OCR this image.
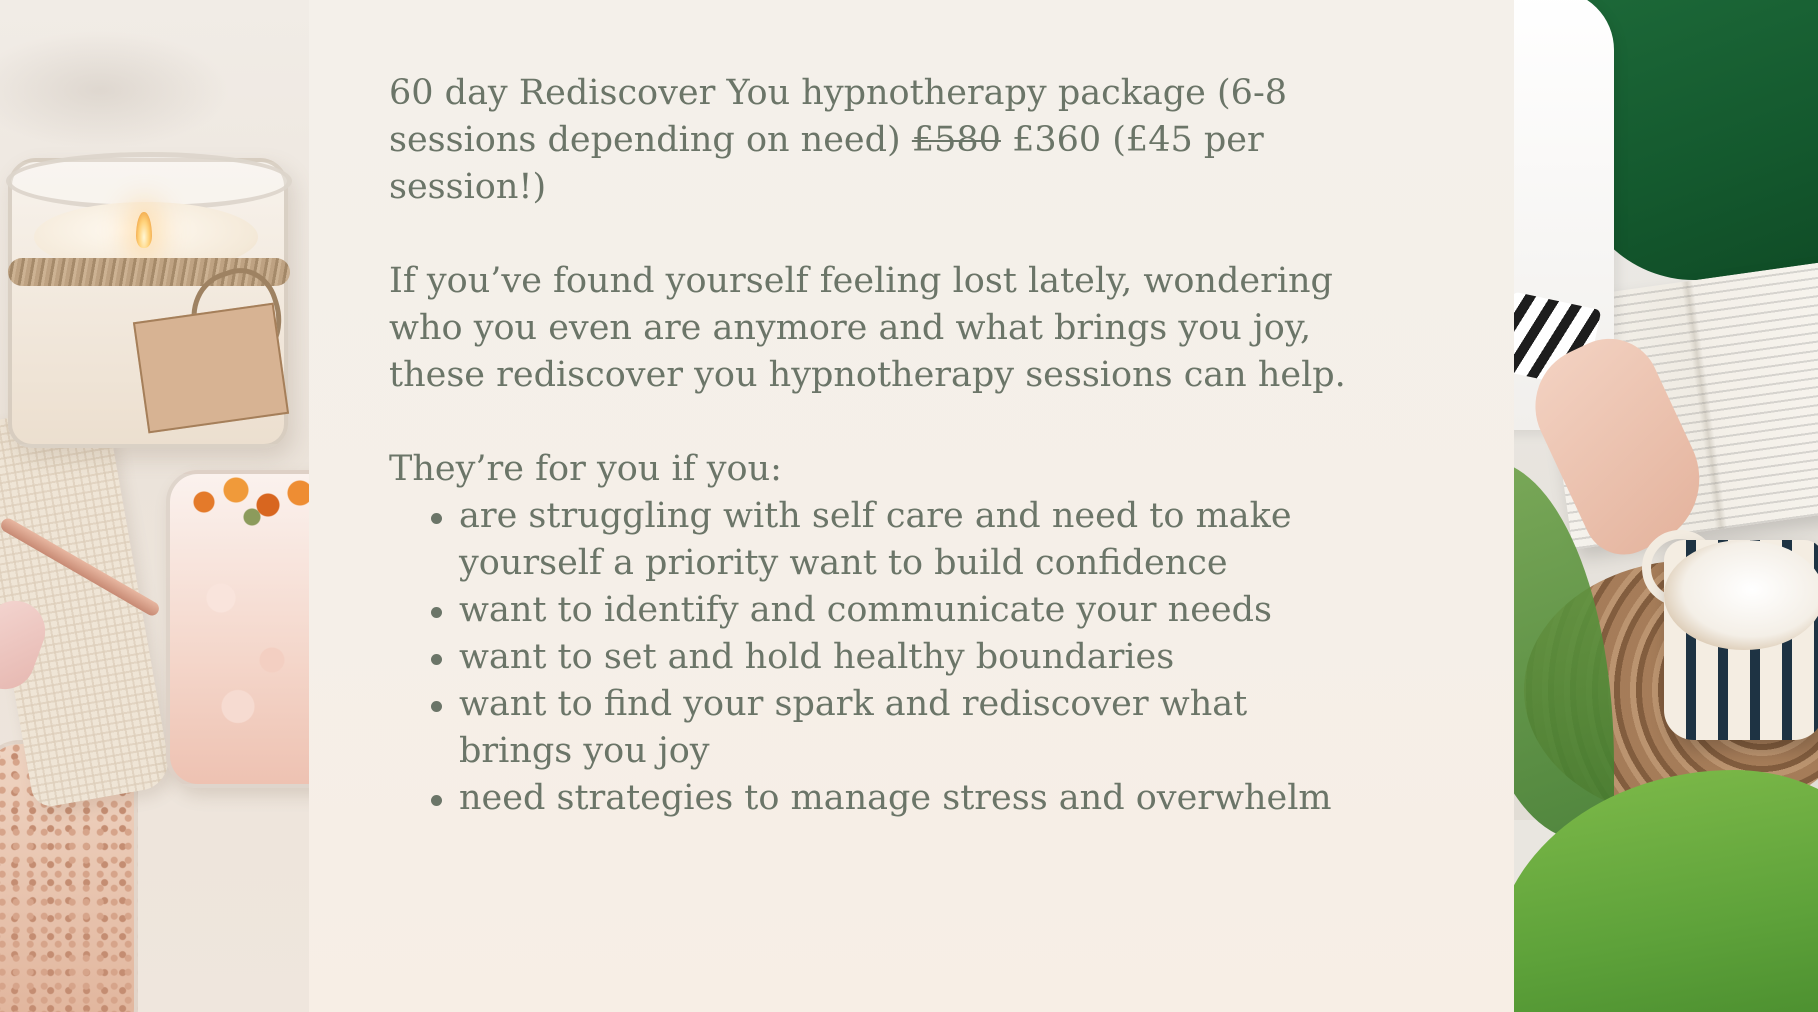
60 day Rediscover You hypnotherapy package (6-8 sessions depending on need) £580 £360 (£45 per session!)

If you’ve found yourself feeling lost lately, wondering who you even are anymore and what brings you joy, these rediscover you hypnotherapy sessions can help.

They’re for you if you:

are struggling with self care and need to make yourself a priority want to build confidence
want to identify and communicate your needs
want to set and hold healthy boundaries
want to find your spark and rediscover what brings you joy
need strategies to manage stress and overwhelm
